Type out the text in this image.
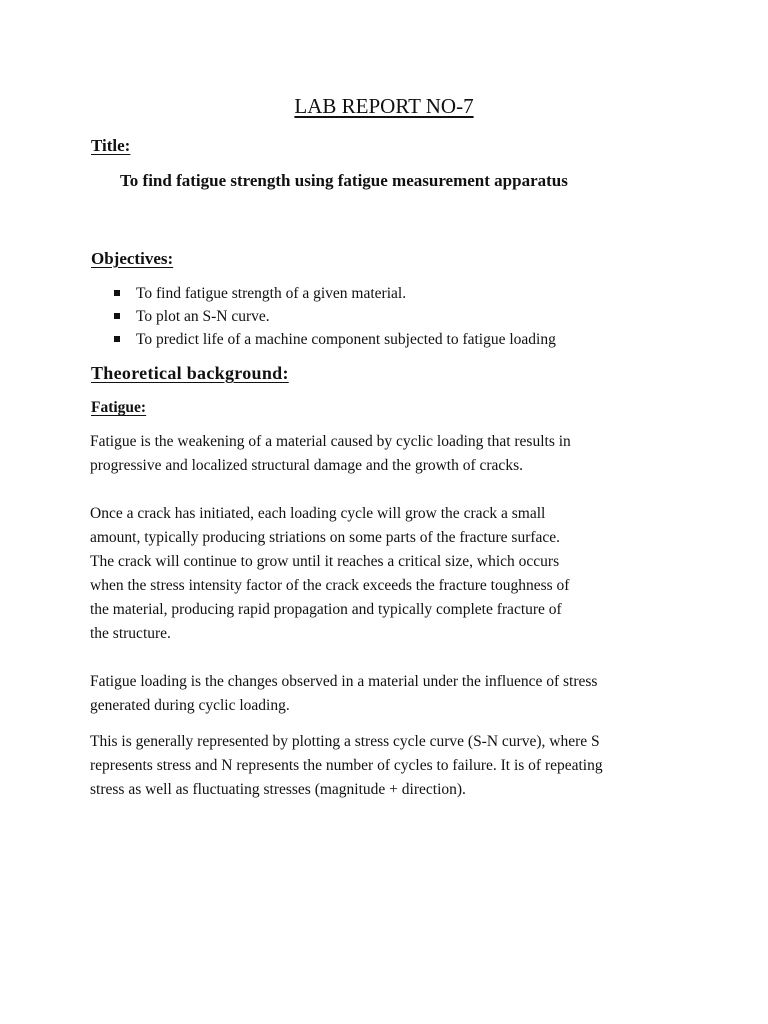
LAB REPORT NO-7
Title:

To find fatigue strength using fatigue measurement apparatus

Objectives:
To find fatigue strength of a given material.
To plot an S-N curve.
To predict life of a machine component subjected to fatigue loading
Theoretical background:
Fatigue:

Fatigue is the weakening of a material caused by cyclic loading that results in
progressive and localized structural damage and the growth of cracks.

Once a crack has initiated, each loading cycle will grow the crack a small
amount, typically producing striations on some parts of the fracture surface.
The crack will continue to grow until it reaches a critical size, which occurs
when the stress intensity factor of the crack exceeds the fracture toughness of
the material, producing rapid propagation and typically complete fracture of
the structure.

Fatigue loading is the changes observed in a material under the influence of stress
generated during cyclic loading.

This is generally represented by plotting a stress cycle curve (S-N curve), where S
represents stress and N represents the number of cycles to failure. It is of repeating
stress as well as fluctuating stresses (magnitude + direction).
